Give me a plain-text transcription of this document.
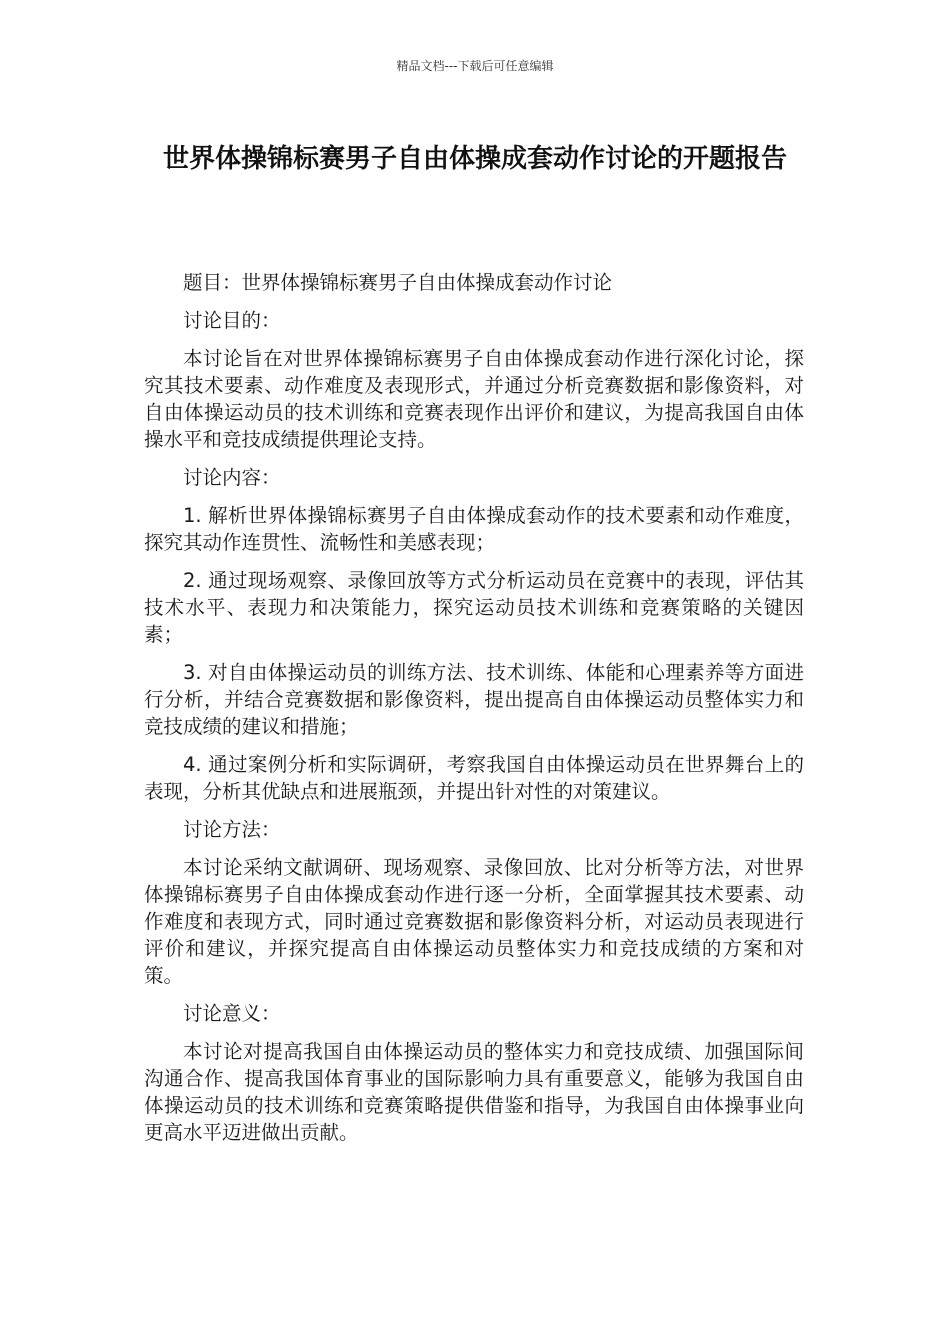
精品文档---下载后可任意编辑
世界体操锦标赛男子自由体操成套动作讨论的开题报告

题目：世界体操锦标赛男子自由体操成套动作讨论

讨论目的：

本讨论旨在对世界体操锦标赛男子自由体操成套动作进行深化讨论，探究其技术要素、动作难度及表现形式，并通过分析竞赛数据和影像资料，对自由体操运动员的技术训练和竞赛表现作出评价和建议，为提高我国自由体操水平和竞技成绩提供理论支持。

讨论内容：

1. 解析世界体操锦标赛男子自由体操成套动作的技术要素和动作难度，探究其动作连贯性、流畅性和美感表现；

2. 通过现场观察、录像回放等方式分析运动员在竞赛中的表现，评估其技术水平、表现力和决策能力，探究运动员技术训练和竞赛策略的关键因素；

3. 对自由体操运动员的训练方法、技术训练、体能和心理素养等方面进行分析，并结合竞赛数据和影像资料，提出提高自由体操运动员整体实力和竞技成绩的建议和措施；

4. 通过案例分析和实际调研，考察我国自由体操运动员在世界舞台上的表现，分析其优缺点和进展瓶颈，并提出针对性的对策建议。

讨论方法：

本讨论采纳文献调研、现场观察、录像回放、比对分析等方法，对世界体操锦标赛男子自由体操成套动作进行逐一分析，全面掌握其技术要素、动作难度和表现方式，同时通过竞赛数据和影像资料分析，对运动员表现进行评价和建议，并探究提高自由体操运动员整体实力和竞技成绩的方案和对策。

讨论意义：

本讨论对提高我国自由体操运动员的整体实力和竞技成绩、加强国际间沟通合作、提高我国体育事业的国际影响力具有重要意义，能够为我国自由体操运动员的技术训练和竞赛策略提供借鉴和指导，为我国自由体操事业向更高水平迈进做出贡献。
